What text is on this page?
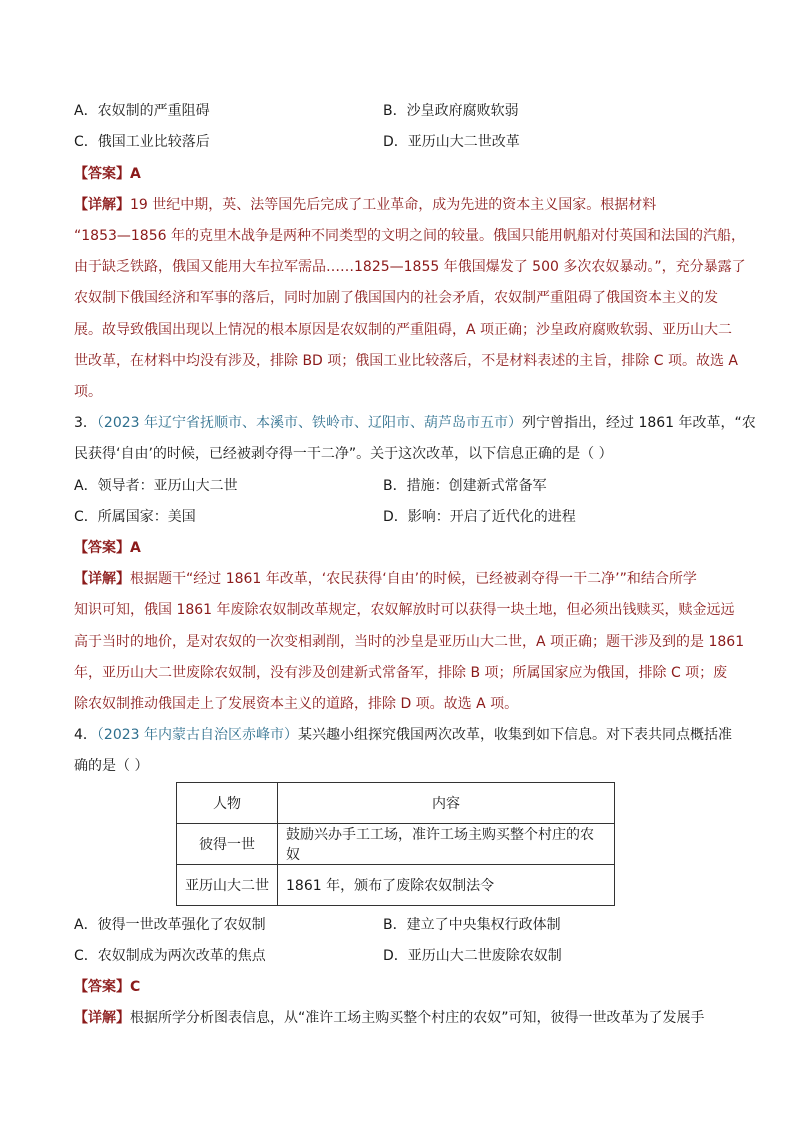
A．农奴制的严重阻碍	B．沙皇政府腐败软弱
C．俄国工业比较落后	D．亚历山大二世改革
【答案】A
【详解】19 世纪中期，英、法等国先后完成了工业革命，成为先进的资本主义国家。根据材料
“1853—1856 年的克里木战争是两种不同类型的文明之间的较量。俄国只能用帆船对付英国和法国的汽船，
由于缺乏铁路，俄国又能用大车拉军需品……1825—1855 年俄国爆发了 500 多次农奴暴动。”，充分暴露了
农奴制下俄国经济和军事的落后，同时加剧了俄国国内的社会矛盾，农奴制严重阻碍了俄国资本主义的发
展。故导致俄国出现以上情况的根本原因是农奴制的严重阻碍，A 项正确；沙皇政府腐败软弱、亚历山大二
世改革，在材料中均没有涉及，排除 BD 项；俄国工业比较落后，不是材料表述的主旨，排除 C 项。故选 A
项。
3．（2023 年辽宁省抚顺市、本溪市、铁岭市、辽阳市、葫芦岛市五市）列宁曾指出，经过 1861 年改革，“农
民获得‘自由’的时候，已经被剥夺得一干二净”。关于这次改革，以下信息正确的是（ ）
A．领导者：亚历山大二世	B．措施：创建新式常备军
C．所属国家：美国	D．影响：开启了近代化的进程
【答案】A
【详解】根据题干“经过 1861 年改革，‘农民获得‘自由’的时候，已经被剥夺得一干二净’”和结合所学
知识可知，俄国 1861 年废除农奴制改革规定，农奴解放时可以获得一块土地，但必须出钱赎买，赎金远远
高于当时的地价，是对农奴的一次变相剥削，当时的沙皇是亚历山大二世，A 项正确；题干涉及到的是 1861
年，亚历山大二世废除农奴制，没有涉及创建新式常备军，排除 B 项；所属国家应为俄国，排除 C 项；废
除农奴制推动俄国走上了发展资本主义的道路，排除 D 项。故选 A 项。
4．（2023 年内蒙古自治区赤峰市）某兴趣小组探究俄国两次改革，收集到如下信息。对下表共同点概括准
确的是（ ）
人物	内容
彼得一世	鼓励兴办手工工场，准许工场主购买整个村庄的农奴
亚历山大二世	1861 年，颁布了废除农奴制法令
A．彼得一世改革强化了农奴制	B．建立了中央集权行政体制
C．农奴制成为两次改革的焦点	D．亚历山大二世废除农奴制
【答案】C
【详解】根据所学分析图表信息，从“准许工场主购买整个村庄的农奴”可知，彼得一世改革为了发展手
